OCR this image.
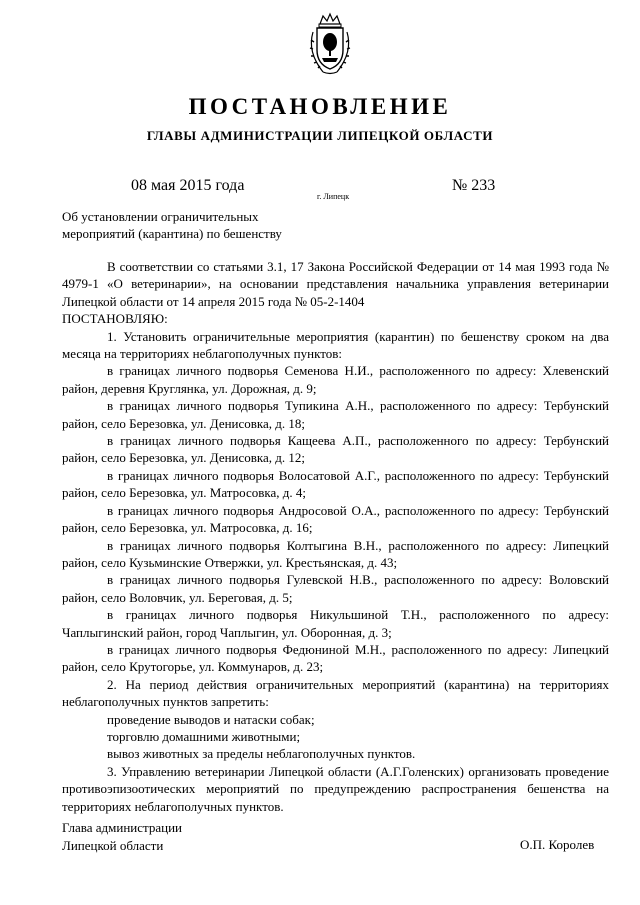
ПОСТАНОВЛЕНИЕ
ГЛАВЫ АДМИНИСТРАЦИИ ЛИПЕЦКОЙ ОБЛАСТИ
08 мая 2015 года
г. Липецк
№ 233
Об установлении ограничительных
мероприятий (карантина) по бешенству

В соответствии со статьями 3.1, 17 Закона Российской Федерации от 14 мая 1993 года № 4979-1 «О ветеринарии», на основании представления начальника управления ветеринарии Липецкой области от 14 апреля 2015 года № 05-2-1404

ПОСТАНОВЛЯЮ:

1. Установить ограничительные мероприятия (карантин) по бешенству сроком на два месяца на территориях неблагополучных пунктов:

в границах личного подворья Семенова Н.И., расположенного по адресу: Хлевенский район, деревня Круглянка, ул. Дорожная, д. 9;

в границах личного подворья Тупикина А.Н., расположенного по адресу: Тербунский район, село Березовка, ул. Денисовка, д. 18;

в границах личного подворья Кащеева А.П., расположенного по адресу: Тербунский район, село Березовка, ул. Денисовка, д. 12;

в границах личного подворья Волосатовой А.Г., расположенного по адресу: Тербунский район, село Березовка, ул. Матросовка, д. 4;

в границах личного подворья Андросовой О.А., расположенного по адресу: Тербунский район, село Березовка, ул. Матросовка, д. 16;

в границах личного подворья Колтыгина В.Н., расположенного по адресу: Липецкий район, село Кузьминские Отвержки, ул. Крестьянская, д. 43;

в границах личного подворья Гулевской Н.В., расположенного по адресу: Воловский район, село Воловчик, ул. Береговая, д. 5;

в границах личного подворья Никульшиной Т.Н., расположенного по адресу: Чаплыгинский район, город Чаплыгин, ул. Оборонная, д. 3;

в границах личного подворья Федюниной М.Н., расположенного по адресу: Липецкий район, село Крутогорье, ул. Коммунаров, д. 23;

2. На период действия ограничительных мероприятий (карантина) на территориях неблагополучных пунктов запретить:

проведение выводов и натаски собак;

торговлю домашними животными;

вывоз животных за пределы неблагополучных пунктов.

3. Управлению ветеринарии Липецкой области (А.Г.Голенских) организовать проведение противоэпизоотических мероприятий по предупреждению распространения бешенства на территориях неблагополучных пунктов.

Глава администрации
Липецкой области	О.П. Королев
